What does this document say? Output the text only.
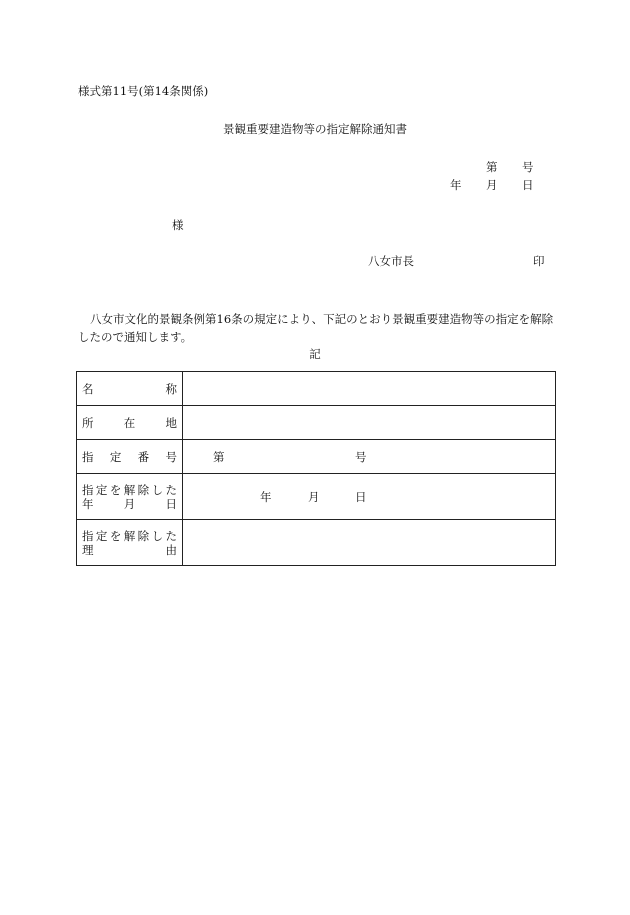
様式第11号(第14条関係)
景観重要建造物等の指定解除通知書
第 号
年 月 日
様
八女市長	印
八女市文化的景観条例第16条の規定により、下記のとおり景観重要建造物等の指定を解除したので通知します。
記
名称	
所在地	
指定番号	第 号

指定を解除した
年月日	年 月 日

指定を解除した
理由	
